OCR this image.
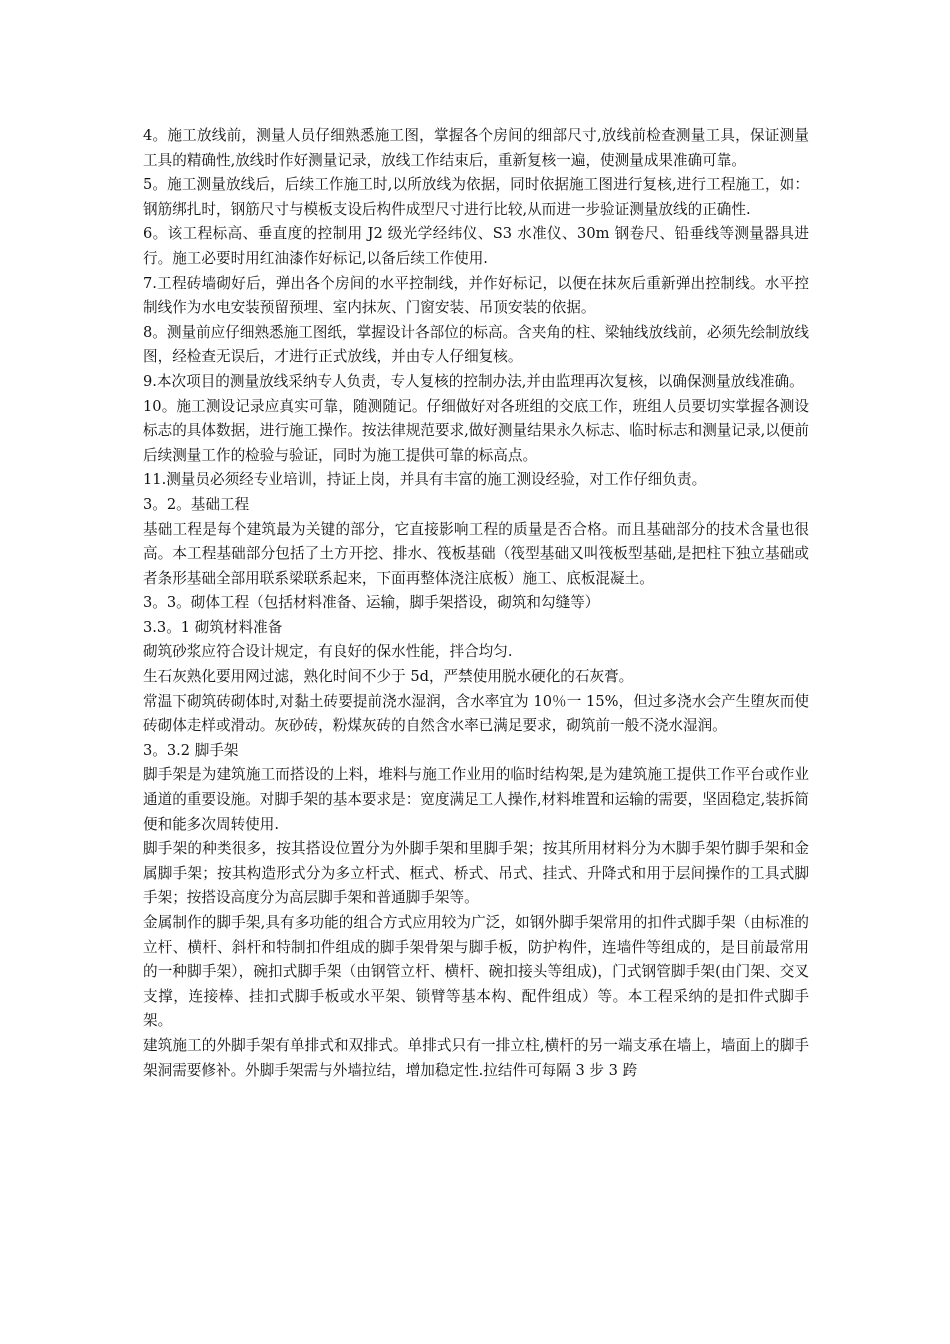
4。施工放线前，测量人员仔细熟悉施工图，掌握各个房间的细部尺寸,放线前检查测量工具，保证测量工具的精确性,放线时作好测量记录，放线工作结束后，重新复核一遍，使测量成果准确可靠。

5。施工测量放线后，后续工作施工时,以所放线为依据，同时依据施工图进行复核,进行工程施工，如：钢筋绑扎时，钢筋尺寸与模板支设后构件成型尺寸进行比较,从而进一步验证测量放线的正确性.

6。该工程标高、垂直度的控制用 J2 级光学经纬仪、S3 水准仪、30m 钢卷尺、铅垂线等测量器具进行。施工必要时用红油漆作好标记,以备后续工作使用.

7.工程砖墙砌好后，弹出各个房间的水平控制线，并作好标记，以便在抹灰后重新弹出控制线。水平控制线作为水电安装预留预埋、室内抹灰、门窗安装、吊顶安装的依据。

8。测量前应仔细熟悉施工图纸，掌握设计各部位的标高。含夹角的柱、梁轴线放线前，必须先绘制放线图，经检查无误后，才进行正式放线，并由专人仔细复核。

9.本次项目的测量放线采纳专人负责，专人复核的控制办法,并由监理再次复核，以确保测量放线准确。

10。施工测设记录应真实可靠，随测随记。仔细做好对各班组的交底工作，班组人员要切实掌握各测设标志的具体数据，进行施工操作。按法律规范要求,做好测量结果永久标志、临时标志和测量记录,以便前后续测量工作的检验与验证，同时为施工提供可靠的标高点。

11.测量员必须经专业培训，持证上岗，并具有丰富的施工测设经验，对工作仔细负责。

3。2。基础工程

基础工程是每个建筑最为关键的部分，它直接影响工程的质量是否合格。而且基础部分的技术含量也很高。本工程基础部分包括了土方开挖、排水、筏板基础（筏型基础又叫筏板型基础,是把柱下独立基础或者条形基础全部用联系梁联系起来，下面再整体浇注底板）施工、底板混凝土。

3。3。砌体工程（包括材料准备、运输，脚手架搭设，砌筑和勾缝等）

3.3。1 砌筑材料准备

砌筑砂浆应符合设计规定，有良好的保水性能，拌合均匀.

生石灰熟化要用网过滤，熟化时间不少于 5d，严禁使用脱水硬化的石灰膏。

常温下砌筑砖砌体时,对黏土砖要提前浇水湿润，含水率宜为 10％一 15%，但过多浇水会产生堕灰而使砖砌体走样或滑动。灰砂砖，粉煤灰砖的自然含水率已满足要求，砌筑前一般不浇水湿润。

3。3.2 脚手架

脚手架是为建筑施工而搭设的上料，堆料与施工作业用的临时结构架,是为建筑施工提供工作平台或作业通道的重要设施。对脚手架的基本要求是：宽度满足工人操作,材料堆置和运输的需要，坚固稳定,装拆简便和能多次周转使用.

脚手架的种类很多，按其搭设位置分为外脚手架和里脚手架；按其所用材料分为木脚手架竹脚手架和金属脚手架；按其构造形式分为多立杆式、框式、桥式、吊式、挂式、升降式和用于层间操作的工具式脚手架；按搭设高度分为高层脚手架和普通脚手架等。

金属制作的脚手架,具有多功能的组合方式应用较为广泛，如钢外脚手架常用的扣件式脚手架（由标准的立杆、横杆、斜杆和特制扣件组成的脚手架骨架与脚手板，防护构件，连墙件等组成的，是目前最常用的一种脚手架），碗扣式脚手架（由钢管立杆、横杆、碗扣接头等组成)，门式钢管脚手架(由门架、交叉支撑，连接棒、挂扣式脚手板或水平架、锁臂等基本构、配件组成）等。本工程采纳的是扣件式脚手架。

建筑施工的外脚手架有单排式和双排式。单排式只有一排立柱,横杆的另一端支承在墙上，墙面上的脚手架洞需要修补。外脚手架需与外墙拉结，增加稳定性.拉结件可每隔 3 步 3 跨
